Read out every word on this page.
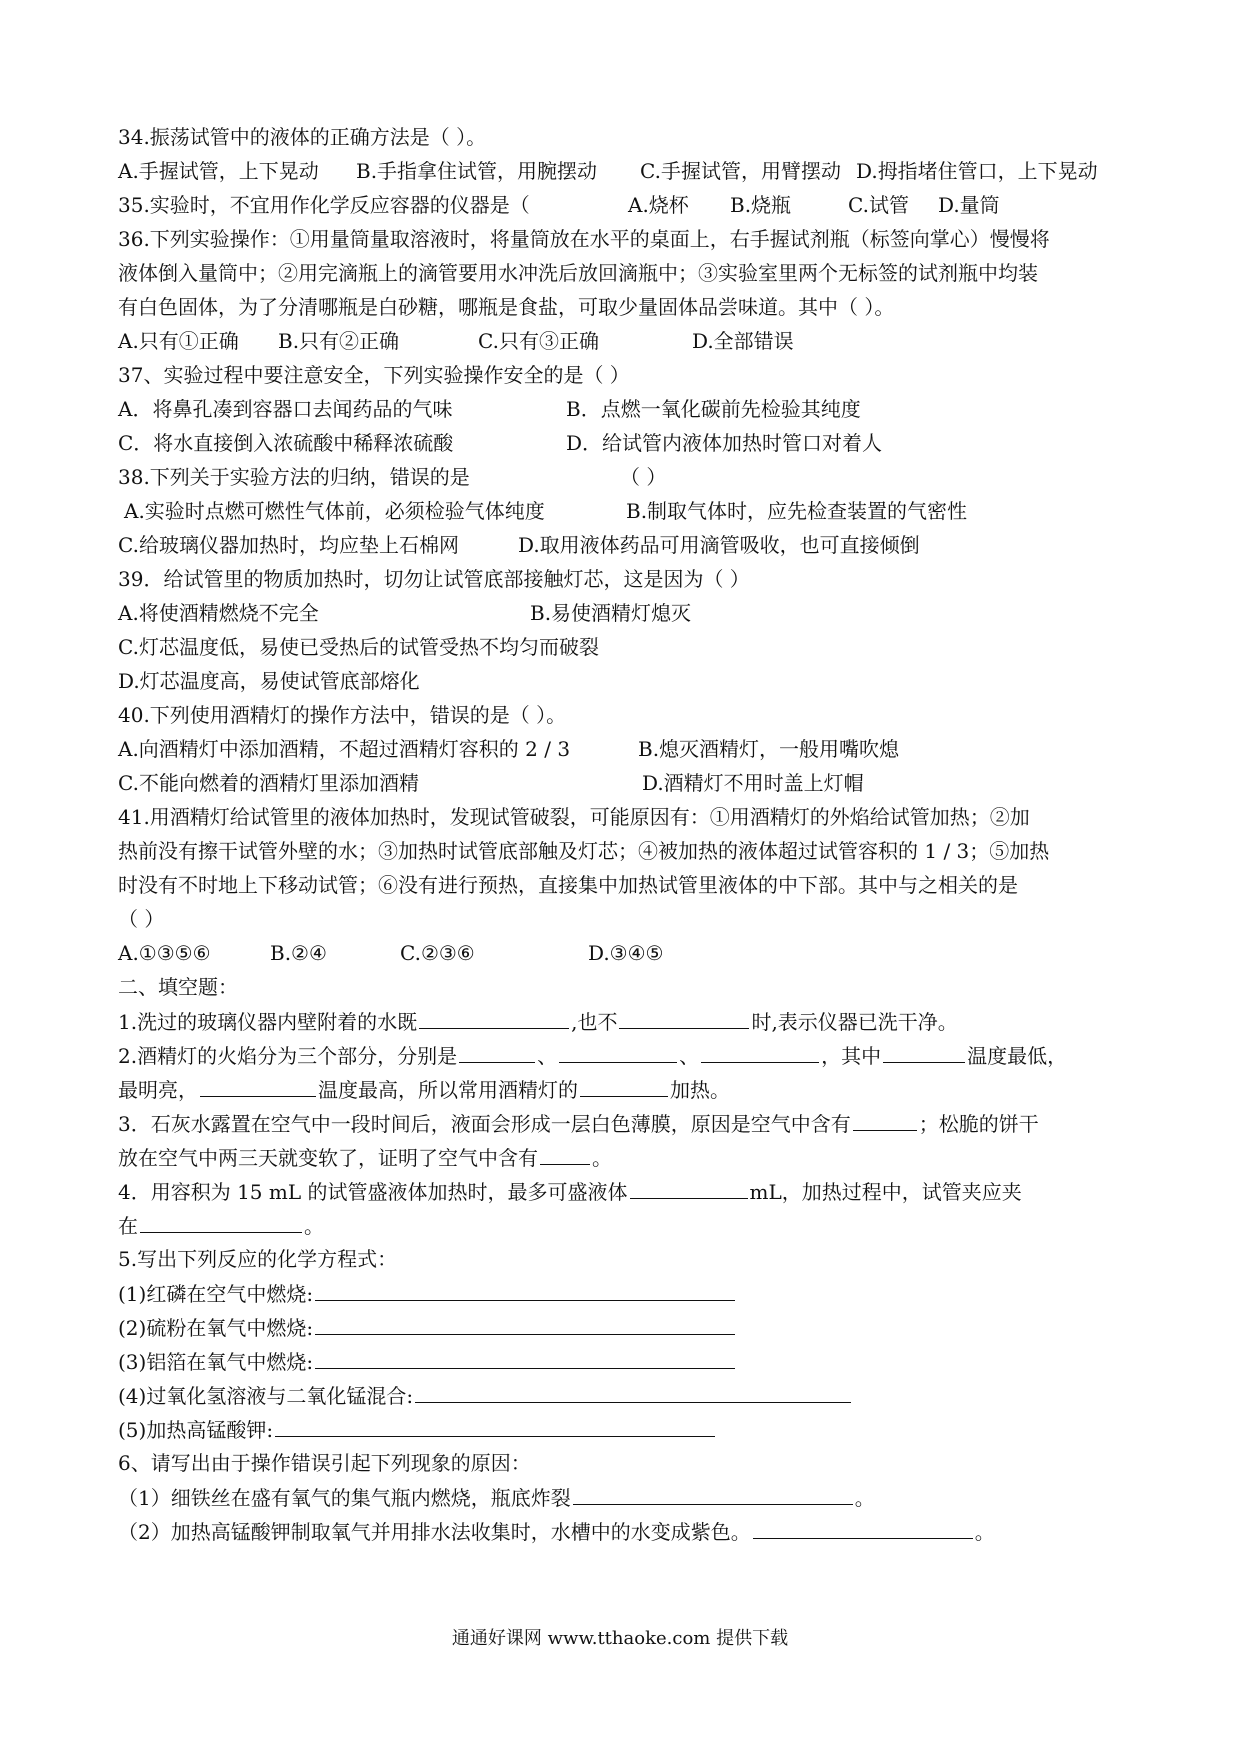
34.振荡试管中的液体的正确方法是（ ）。
A.手握试管，上下晃动 B.手指拿住试管，用腕摆动 C.手握试管，用臂摆动 D.拇指堵住管口，上下晃动
35.实验时，不宜用作化学反应容器的仪器是（	A.烧杯 B.烧瓶	C.试管 D.量筒
36.下列实验操作：①用量筒量取溶液时，将量筒放在水平的桌面上，右手握试剂瓶（标签向掌心）慢慢将
液体倒入量筒中；②用完滴瓶上的滴管要用水冲洗后放回滴瓶中；③实验室里两个无标签的试剂瓶中均装
有白色固体，为了分清哪瓶是白砂糖，哪瓶是食盐，可取少量固体品尝味道。其中（ ）。
A.只有①正确 B.只有②正确	C.只有③正确	D.全部错误
37、实验过程中要注意安全，下列实验操作安全的是（ ）
A．将鼻孔凑到容器口去闻药品的气味	B．点燃一氧化碳前先检验其纯度
C．将水直接倒入浓硫酸中稀释浓硫酸	D．给试管内液体加热时管口对着人
38.下列关于实验方法的归纳，错误的是	（ ）
A.实验时点燃可燃性气体前，必须检验气体纯度	B.制取气体时，应先检查装置的气密性
C.给玻璃仪器加热时，均应垫上石棉网	D.取用液体药品可用滴管吸收，也可直接倾倒
39．给试管里的物质加热时，切勿让试管底部接触灯芯，这是因为（ ）
A.将使酒精燃烧不完全	B.易使酒精灯熄灭
C.灯芯温度低，易使已受热后的试管受热不均匀而破裂
D.灯芯温度高，易使试管底部熔化
40.下列使用酒精灯的操作方法中，错误的是（ ）。
A.向酒精灯中添加酒精，不超过酒精灯容积的 2 / 3	B.熄灭酒精灯，一般用嘴吹熄
C.不能向燃着的酒精灯里添加酒精	D.酒精灯不用时盖上灯帽
41.用酒精灯给试管里的液体加热时，发现试管破裂，可能原因有：①用酒精灯的外焰给试管加热；②加
热前没有擦干试管外壁的水；③加热时试管底部触及灯芯；④被加热的液体超过试管容积的 1 / 3；⑤加热
时没有不时地上下移动试管；⑥没有进行预热，直接集中加热试管里液体的中下部。其中与之相关的是
（ ）
A.①③⑤⑥	B.②④	C.②③⑥	D.③④⑤
二、填空题：
1.洗过的玻璃仪器内壁附着的水既	,也不	时,表示仪器已洗干净。
2.酒精灯的火焰分为三个部分，分别是	、	、	，其中	温度最低，
最明亮，	温度最高，所以常用酒精灯的	加热。
3．石灰水露置在空气中一段时间后，液面会形成一层白色薄膜，原因是空气中含有	；松脆的饼干
放在空气中两三天就变软了，证明了空气中含有	。
4．用容积为 15 mL 的试管盛液体加热时，最多可盛液体	mL，加热过程中，试管夹应夹
在	。
5.写出下列反应的化学方程式：
(1)红磷在空气中燃烧:
(2)硫粉在氧气中燃烧:
(3)铝箔在氧气中燃烧:
(4)过氧化氢溶液与二氧化锰混合:
(5)加热高锰酸钾:
6、请写出由于操作错误引起下列现象的原因：
（1）细铁丝在盛有氧气的集气瓶内燃烧，瓶底炸裂	。
（2）加热高锰酸钾制取氧气并用排水法收集时，水槽中的水变成紫色。	。
通通好课网 www.tthaoke.com 提供下载
